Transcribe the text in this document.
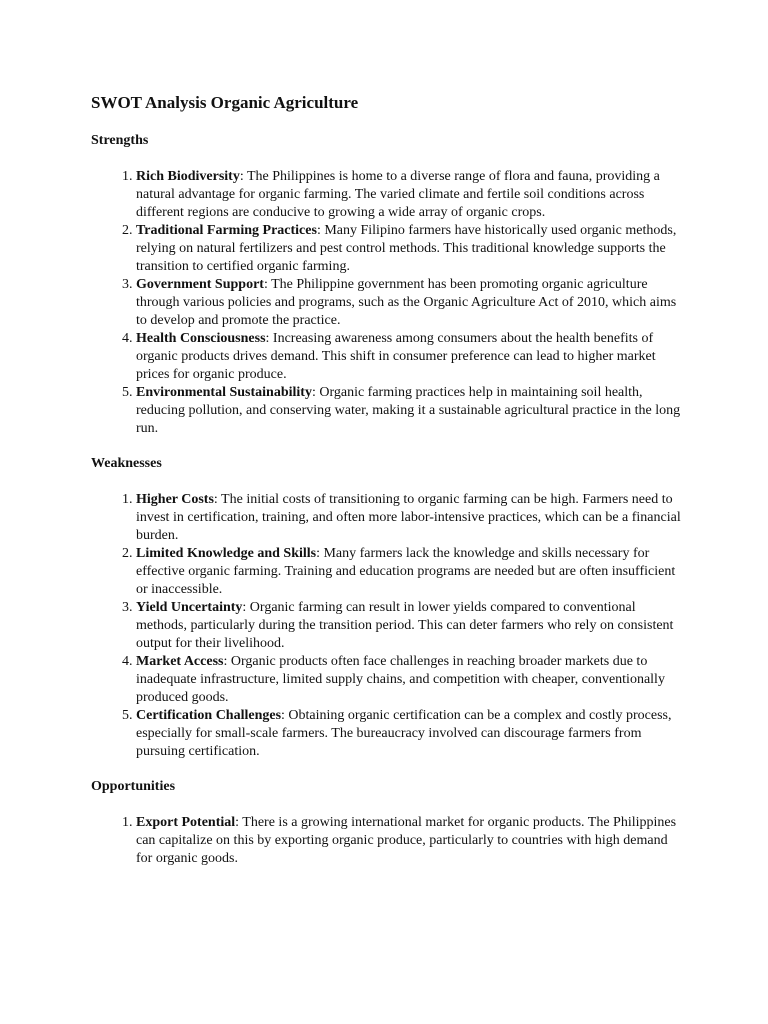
SWOT Analysis Organic Agriculture
Strengths
1. Rich Biodiversity: The Philippines is home to a diverse range of flora and fauna, providing a natural advantage for organic farming. The varied climate and fertile soil conditions across different regions are conducive to growing a wide array of organic crops.
2. Traditional Farming Practices: Many Filipino farmers have historically used organic methods, relying on natural fertilizers and pest control methods. This traditional knowledge supports the transition to certified organic farming.
3. Government Support: The Philippine government has been promoting organic agriculture through various policies and programs, such as the Organic Agriculture Act of 2010, which aims to develop and promote the practice.
4. Health Consciousness: Increasing awareness among consumers about the health benefits of organic products drives demand. This shift in consumer preference can lead to higher market prices for organic produce.
5. Environmental Sustainability: Organic farming practices help in maintaining soil health, reducing pollution, and conserving water, making it a sustainable agricultural practice in the long run.
Weaknesses
1. Higher Costs: The initial costs of transitioning to organic farming can be high. Farmers need to invest in certification, training, and often more labor-intensive practices, which can be a financial burden.
2. Limited Knowledge and Skills: Many farmers lack the knowledge and skills necessary for effective organic farming. Training and education programs are needed but are often insufficient or inaccessible.
3. Yield Uncertainty: Organic farming can result in lower yields compared to conventional methods, particularly during the transition period. This can deter farmers who rely on consistent output for their livelihood.
4. Market Access: Organic products often face challenges in reaching broader markets due to inadequate infrastructure, limited supply chains, and competition with cheaper, conventionally produced goods.
5. Certification Challenges: Obtaining organic certification can be a complex and costly process, especially for small-scale farmers. The bureaucracy involved can discourage farmers from pursuing certification.
Opportunities
1. Export Potential: There is a growing international market for organic products. The Philippines can capitalize on this by exporting organic produce, particularly to countries with high demand for organic goods.
